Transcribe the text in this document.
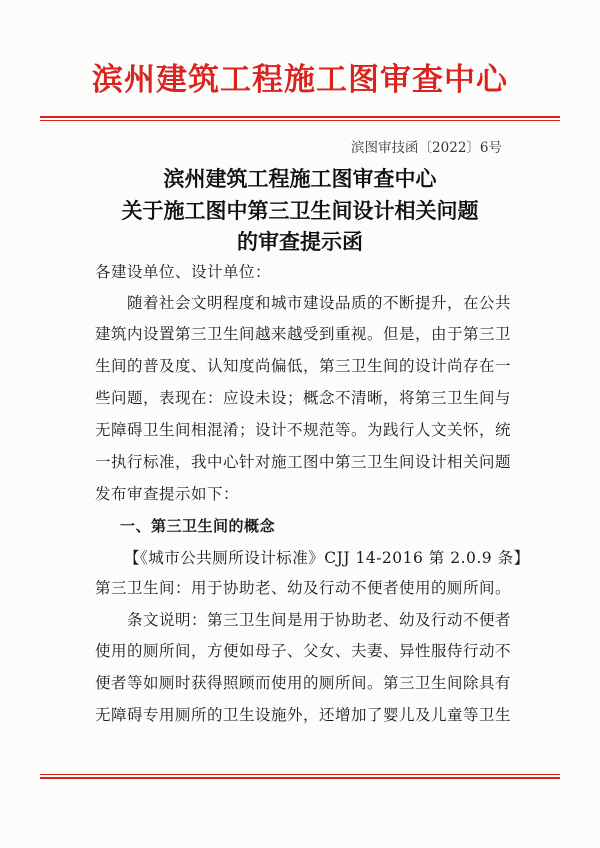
滨州建筑工程施工图审查中心
滨图审技函〔2022〕6号
滨州建筑工程施工图审查中心
关于施工图中第三卫生间设计相关问题
的审查提示函
各建设单位、设计单位：
随着社会文明程度和城市建设品质的不断提升，在公共
建筑内设置第三卫生间越来越受到重视。但是，由于第三卫
生间的普及度、认知度尚偏低，第三卫生间的设计尚存在一
些问题，表现在：应设未设；概念不清晰，将第三卫生间与
无障碍卫生间相混淆；设计不规范等。为践行人文关怀，统
一执行标准，我中心针对施工图中第三卫生间设计相关问题
发布审查提示如下：
一、第三卫生间的概念
【《城市公共厕所设计标准》CJJ 14-2016 第 2.0.9 条】
第三卫生间：用于协助老、幼及行动不便者使用的厕所间。
条文说明：第三卫生间是用于协助老、幼及行动不便者
使用的厕所间，方便如母子、父女、夫妻、异性服侍行动不
便者等如厕时获得照顾而使用的厕所间。第三卫生间除具有
无障碍专用厕所的卫生设施外，还增加了婴儿及儿童等卫生
